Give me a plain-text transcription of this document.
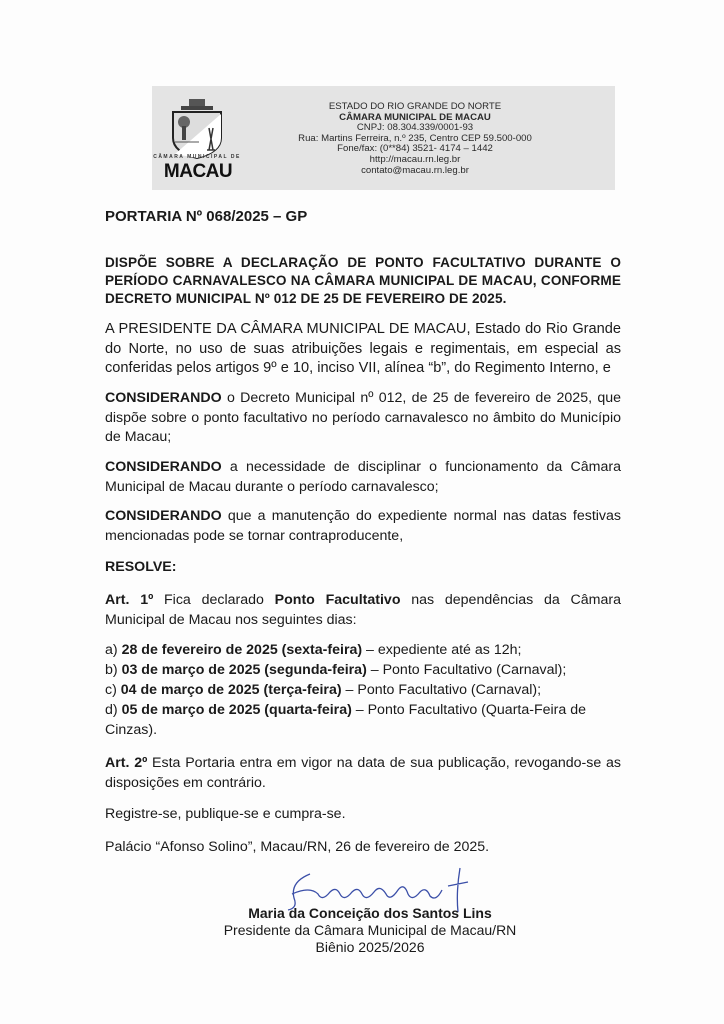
CÂMARA MUNICIPAL DE
MACAU
ESTADO DO RIO GRANDE DO NORTE
CÂMARA MUNICIPAL DE MACAU
CNPJ: 08.304.339/0001-93
Rua: Martins Ferreira, n.º 235, Centro CEP 59.500-000
Fone/fax: (0**84) 3521- 4174 – 1442
http://macau.rn.leg.br
contato@macau.rn.leg.br
PORTARIA Nº 068/2025 – GP
DISPÕE SOBRE A DECLARAÇÃO DE PONTO FACULTATIVO DURANTE O PERÍODO CARNAVALESCO NA CÂMARA MUNICIPAL DE MACAU, CONFORME DECRETO MUNICIPAL Nº 012 DE 25 DE FEVEREIRO DE 2025.
A PRESIDENTE DA CÂMARA MUNICIPAL DE MACAU, Estado do Rio Grande do Norte, no uso de suas atribuições legais e regimentais, em especial as conferidas pelos artigos 9º e 10, inciso VII, alínea “b”, do Regimento Interno, e
CONSIDERANDO o Decreto Municipal nº 012, de 25 de fevereiro de 2025, que dispõe sobre o ponto facultativo no período carnavalesco no âmbito do Município de Macau;
CONSIDERANDO a necessidade de disciplinar o funcionamento da Câmara Municipal de Macau durante o período carnavalesco;
CONSIDERANDO que a manutenção do expediente normal nas datas festivas mencionadas pode se tornar contraproducente,
RESOLVE:
Art. 1º Fica declarado Ponto Facultativo nas dependências da Câmara Municipal de Macau nos seguintes dias:
a) 28 de fevereiro de 2025 (sexta-feira) – expediente até as 12h;
b) 03 de março de 2025 (segunda-feira) – Ponto Facultativo (Carnaval);
c) 04 de março de 2025 (terça-feira) – Ponto Facultativo (Carnaval);
d) 05 de março de 2025 (quarta-feira) – Ponto Facultativo (Quarta-Feira de Cinzas).
Art. 2º Esta Portaria entra em vigor na data de sua publicação, revogando-se as disposições em contrário.
Registre-se, publique-se e cumpra-se.
Palácio “Afonso Solino”, Macau/RN, 26 de fevereiro de 2025.
Maria da Conceição dos Santos Lins
Presidente da Câmara Municipal de Macau/RN
Biênio 2025/2026
